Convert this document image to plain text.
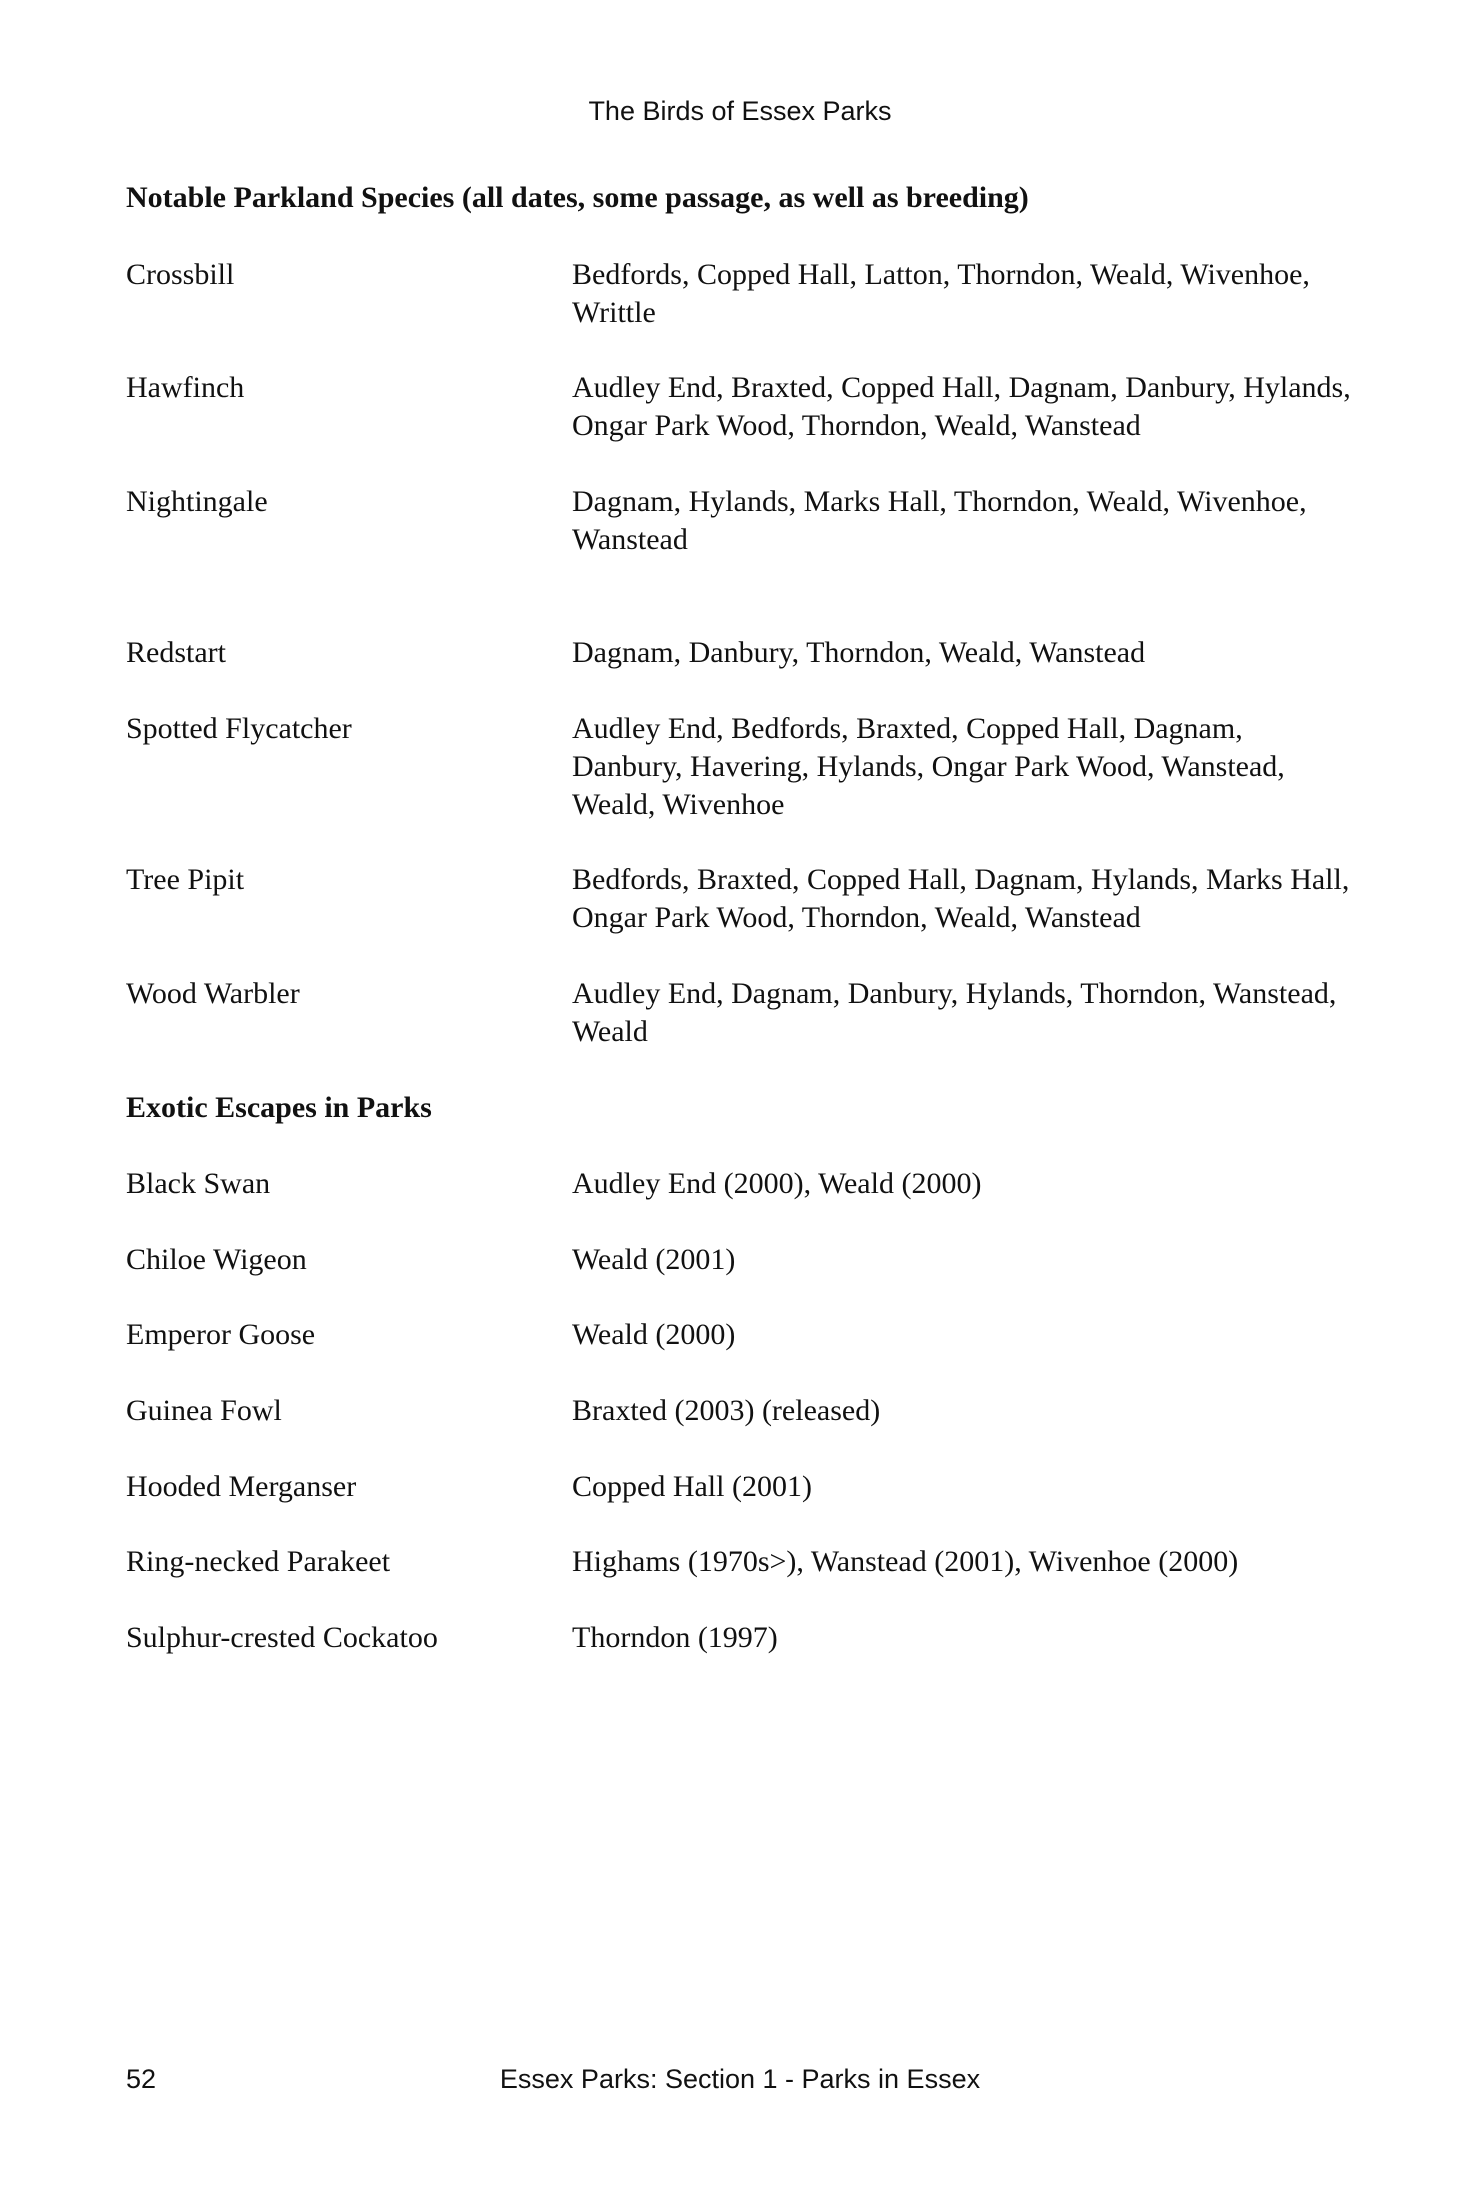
The Birds of Essex Parks
Notable Parkland Species (all dates, some passage, as well as breeding)
Crossbill	Bedfords, Copped Hall, Latton, Thorndon, Weald, Wivenhoe,
Writtle
Hawfinch	Audley End, Braxted, Copped Hall, Dagnam, Danbury, Hylands,
Ongar Park Wood, Thorndon, Weald, Wanstead
Nightingale	Dagnam, Hylands, Marks Hall, Thorndon, Weald, Wivenhoe,
Wanstead
Redstart	Dagnam, Danbury, Thorndon, Weald, Wanstead
Spotted Flycatcher	Audley End, Bedfords, Braxted, Copped Hall, Dagnam,
Danbury, Havering, Hylands, Ongar Park Wood, Wanstead,
Weald, Wivenhoe
Tree Pipit	Bedfords, Braxted, Copped Hall, Dagnam, Hylands, Marks Hall,
Ongar Park Wood, Thorndon, Weald, Wanstead
Wood Warbler	Audley End, Dagnam, Danbury, Hylands, Thorndon, Wanstead,
Weald
Exotic Escapes in Parks
Black Swan	Audley End (2000), Weald (2000)
Chiloe Wigeon	Weald (2001)
Emperor Goose	Weald (2000)
Guinea Fowl	Braxted (2003) (released)
Hooded Merganser	Copped Hall (2001)
Ring-necked Parakeet	Highams (1970s>), Wanstead (2001), Wivenhoe (2000)
Sulphur-crested Cockatoo	Thorndon (1997)
52	Essex Parks: Section 1 - Parks in Essex
